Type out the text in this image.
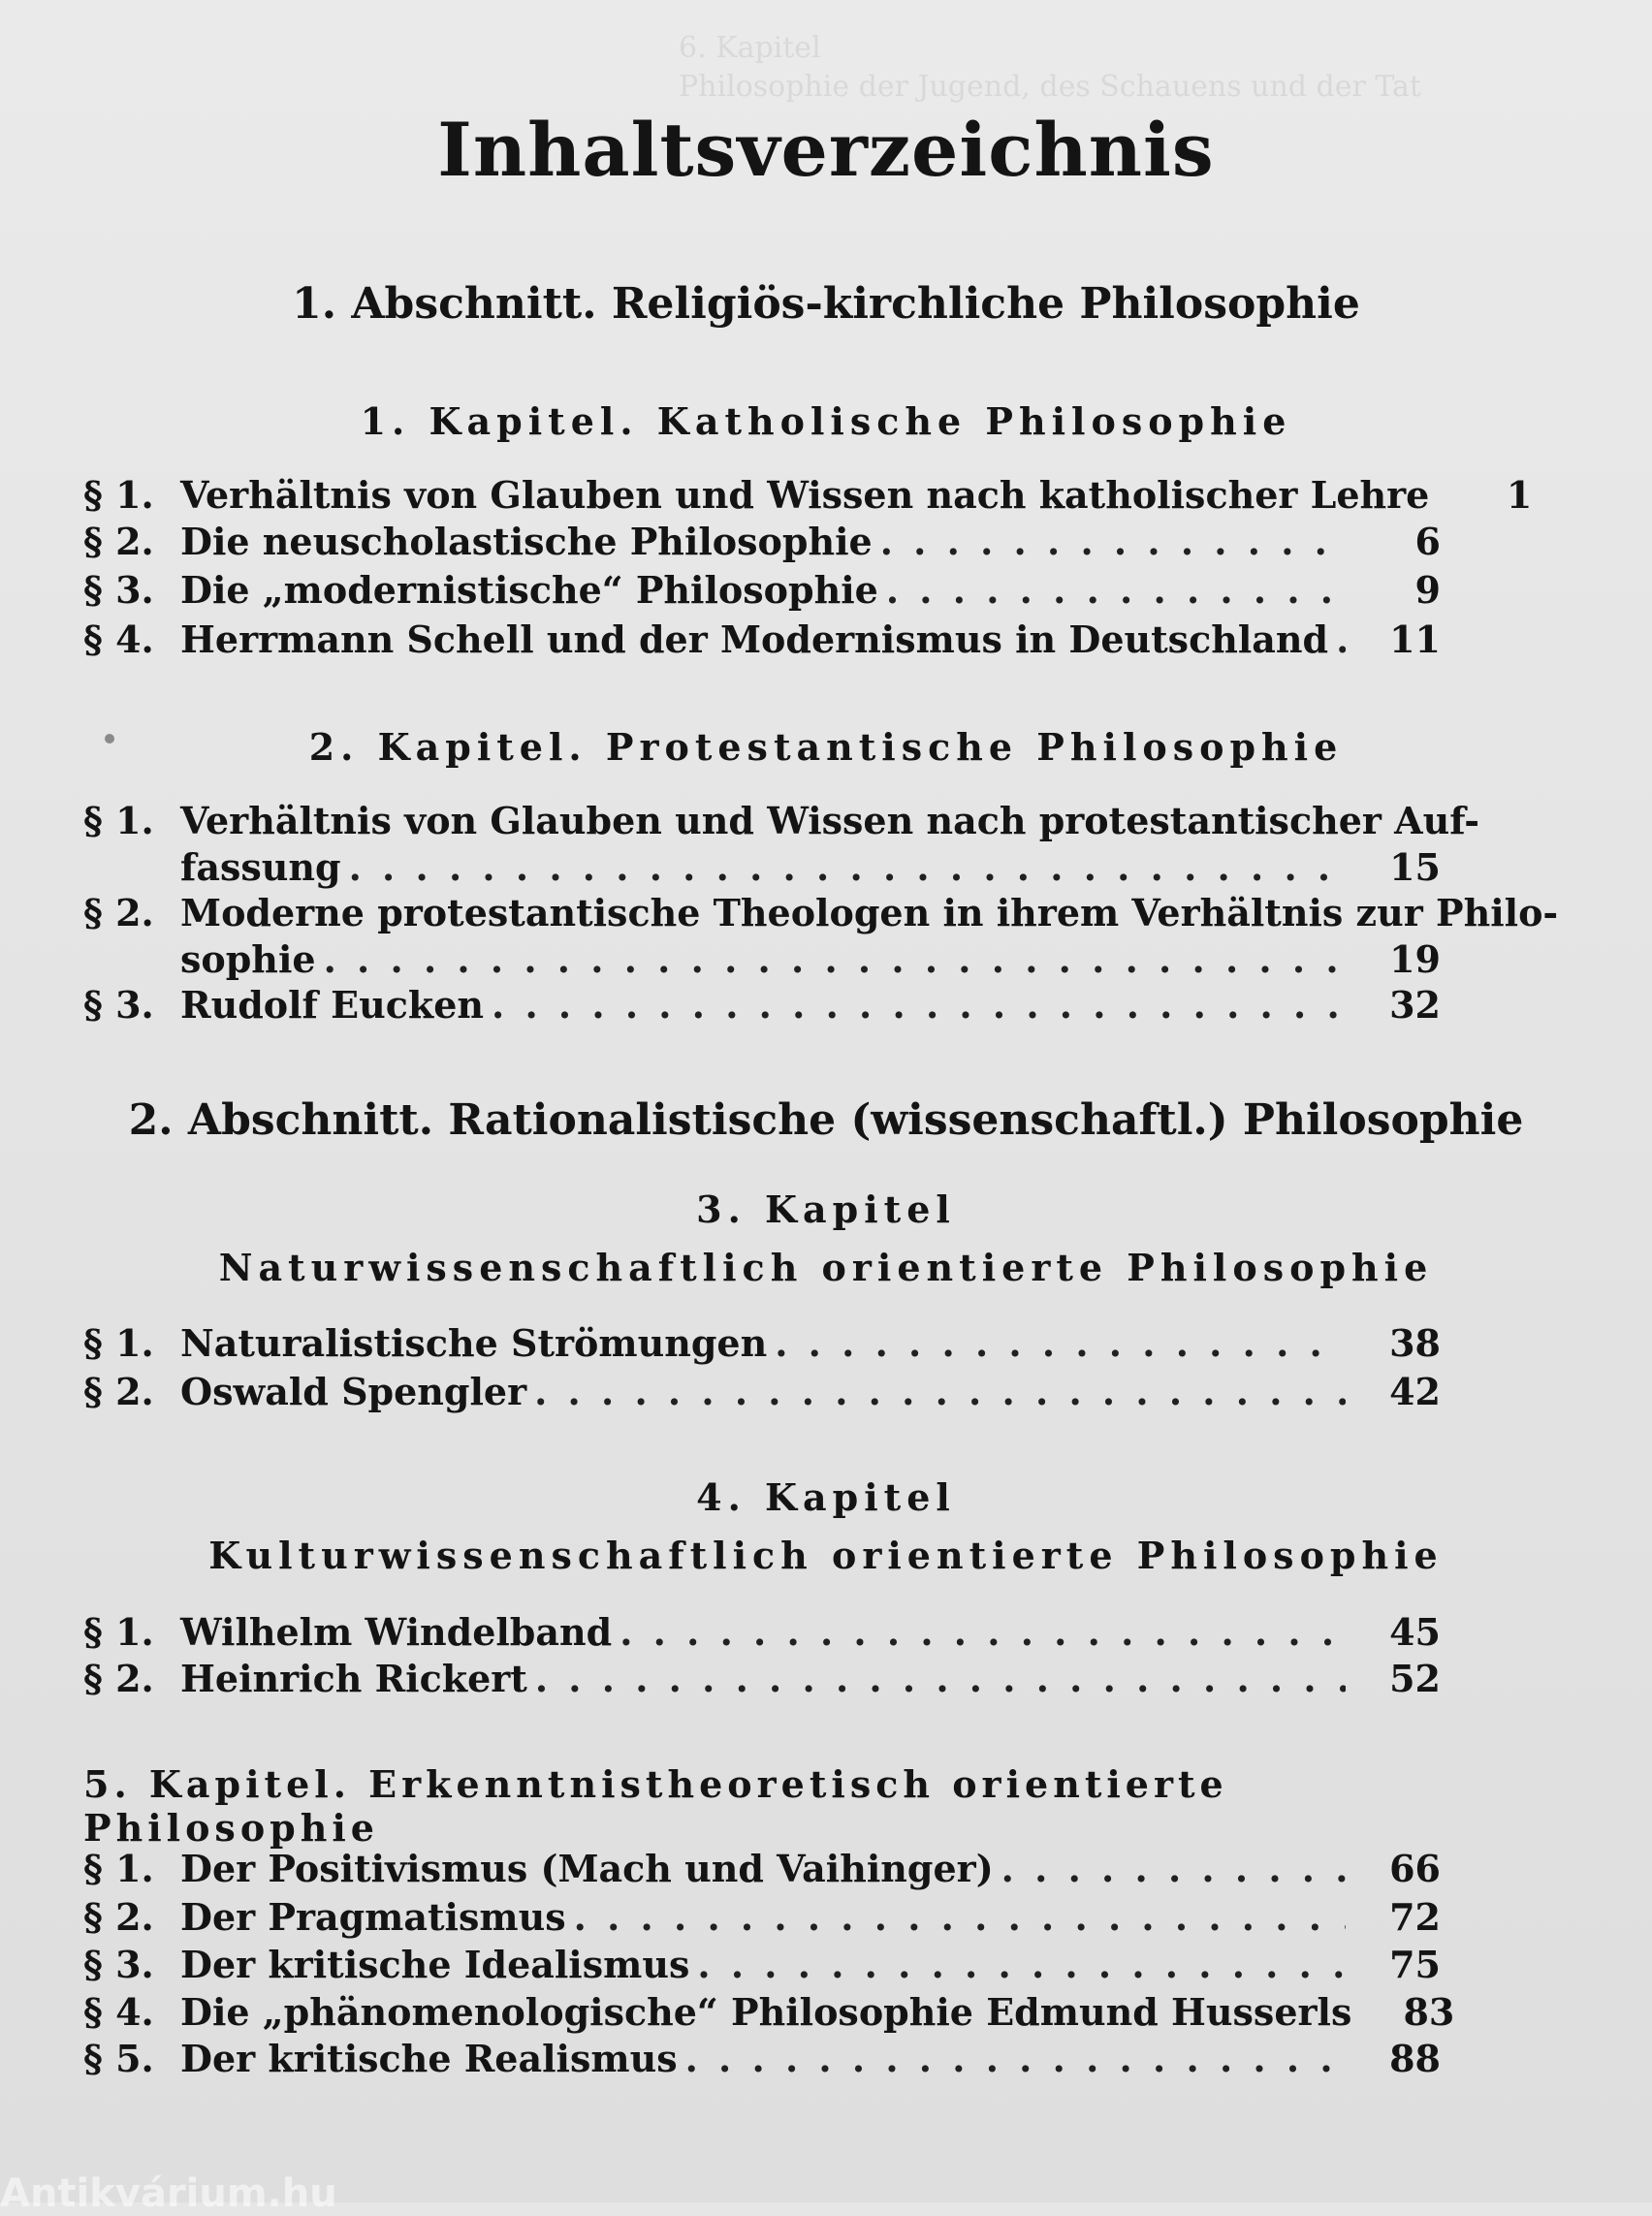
6. Kapitel
Philosophie der Jugend, des Schauens und der Tat
Inhaltsverzeichnis
1. Abschnitt. Religiös-kirchliche Philosophie
1. Kapitel. Katholische Philosophie
§ 1. Verhältnis von Glauben und Wissen nach katholischer Lehre	1
§ 2. Die neuscholastische Philosophie . . .	6
§ 3. Die „modernistische“ Philosophie . . .	9
§ 4. Herrmann Schell und der Modernismus in Deutschland . . .	11
2. Kapitel. Protestantische Philosophie
§ 1. Verhältnis von Glauben und Wissen nach protestantischer Auf-
fassung . . .	15
§ 2. Moderne protestantische Theologen in ihrem Verhältnis zur Philo-
sophie . . .	19
§ 3. Rudolf Eucken . . .	32
2. Abschnitt. Rationalistische (wissenschaftl.) Philosophie
3. Kapitel
Naturwissenschaftlich orientierte Philosophie
§ 1. Naturalistische Strömungen . . .	38
§ 2. Oswald Spengler . . .	42
4. Kapitel
Kulturwissenschaftlich orientierte Philosophie
§ 1. Wilhelm Windelband . . .	45
§ 2. Heinrich Rickert . . .	52
5. Kapitel. Erkenntnistheoretisch orientierte Philosophie
§ 1. Der Positivismus (Mach und Vaihinger) . . .	66
§ 2. Der Pragmatismus . . .	72
§ 3. Der kritische Idealismus . . .	75
§ 4. Die „phänomenologische“ Philosophie Edmund Husserls	83
§ 5. Der kritische Realismus . . .	88
Antikvárium.hu
